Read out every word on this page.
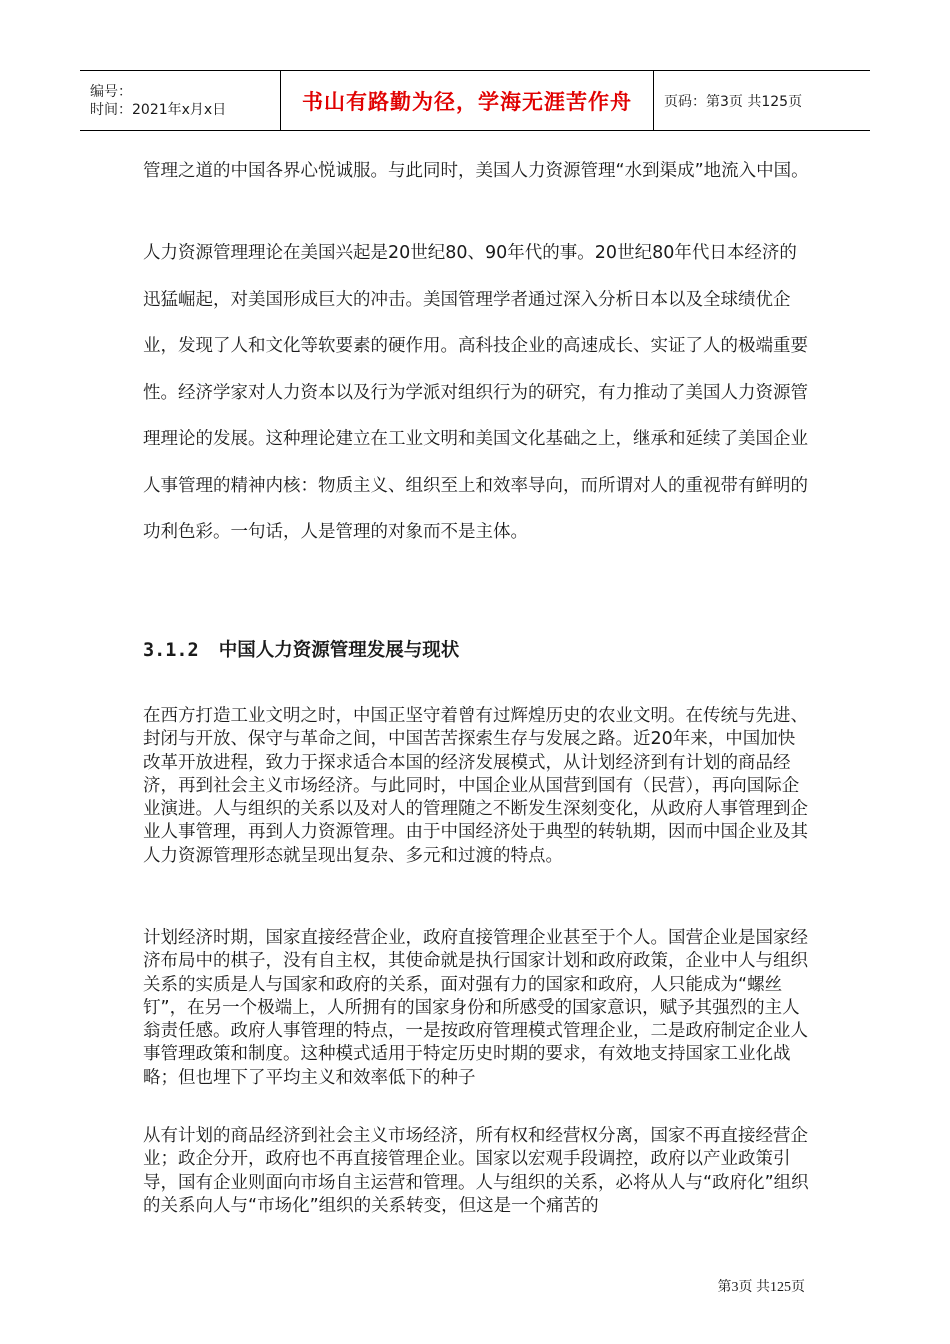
编号：
时间：2021年x月x日	书山有路勤为径，学海无涯苦作舟	页码：第3页 共125页

管理之道的中国各界心悦诚服。与此同时，美国人力资源管理“水到渠成”地流入中国。

人力资源管理理论在美国兴起是20世纪80、90年代的事。20世纪80年代日本经济的迅猛崛起，对美国形成巨大的冲击。美国管理学者通过深入分析日本以及全球绩优企业，发现了人和文化等软要素的硬作用。高科技企业的高速成长、实证了人的极端重要性。经济学家对人力资本以及行为学派对组织行为的研究，有力推动了美国人力资源管理理论的发展。这种理论建立在工业文明和美国文化基础之上，继承和延续了美国企业人事管理的精神内核：物质主义、组织至上和效率导向，而所谓对人的重视带有鲜明的功利色彩。一句话，人是管理的对象而不是主体。

3.1.2 中国人力资源管理发展与现状

在西方打造工业文明之时，中国正坚守着曾有过辉煌历史的农业文明。在传统与先进、封闭与开放、保守与革命之间，中国苦苦探索生存与发展之路。近20年来，中国加快改革开放进程，致力于探求适合本国的经济发展模式，从计划经济到有计划的商品经济，再到社会主义市场经济。与此同时，中国企业从国营到国有（民营），再向国际企业演进。人与组织的关系以及对人的管理随之不断发生深刻变化，从政府人事管理到企业人事管理，再到人力资源管理。由于中国经济处于典型的转轨期，因而中国企业及其人力资源管理形态就呈现出复杂、多元和过渡的特点。

计划经济时期，国家直接经营企业，政府直接管理企业甚至于个人。国营企业是国家经济布局中的棋子，没有自主权，其使命就是执行国家计划和政府政策，企业中人与组织关系的实质是人与国家和政府的关系，面对强有力的国家和政府，人只能成为“螺丝钉”，在另一个极端上，人所拥有的国家身份和所感受的国家意识，赋予其强烈的主人翁责任感。政府人事管理的特点，一是按政府管理模式管理企业，二是政府制定企业人事管理政策和制度。这种模式适用于特定历史时期的要求，有效地支持国家工业化战略；但也埋下了平均主义和效率低下的种子

从有计划的商品经济到社会主义市场经济，所有权和经营权分离，国家不再直接经营企业；政企分开，政府也不再直接管理企业。国家以宏观手段调控，政府以产业政策引导，国有企业则面向市场自主运营和管理。人与组织的关系，必将从人与“政府化”组织的关系向人与“市场化”组织的关系转变，但这是一个痛苦的

第3页 共125页
